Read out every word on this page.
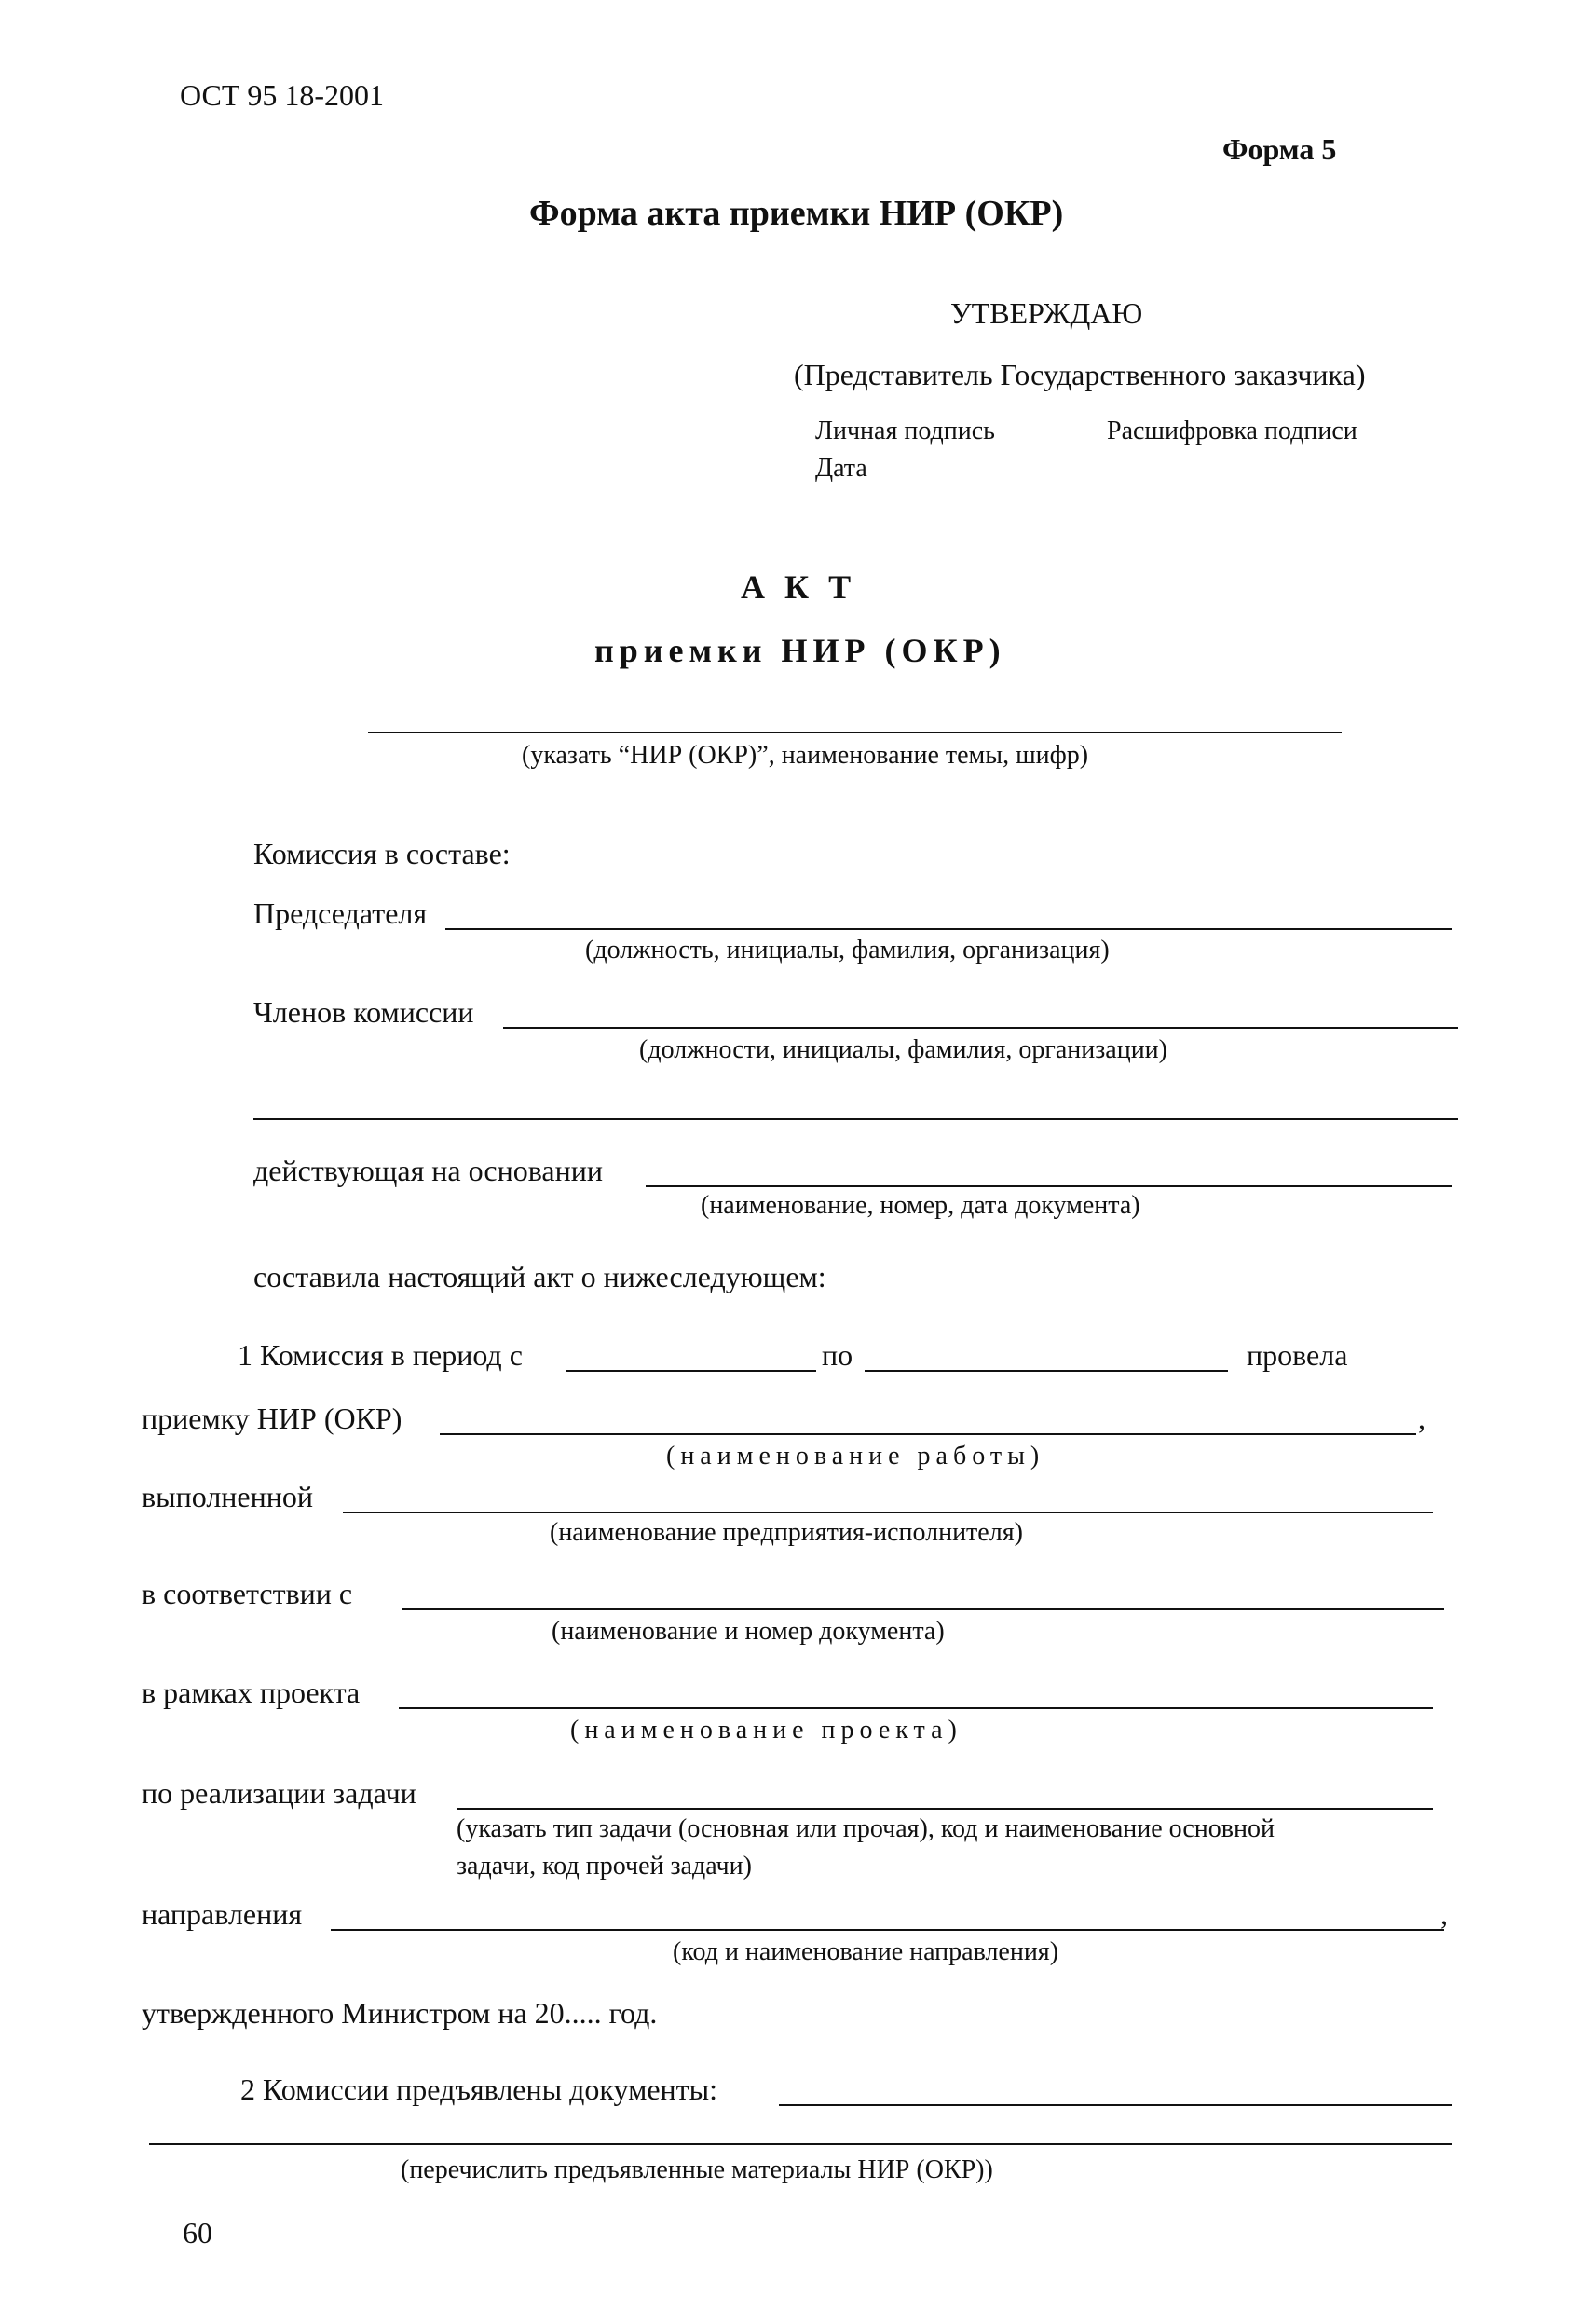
ОСТ 95 18-2001
Форма 5
Форма акта приемки НИР (ОКР)
УТВЕРЖДАЮ
(Представитель Государственного заказчика)
Личная подпись	Расшифровка подписи
Дата
А К Т
приемки НИР (ОКР)
(указать “НИР (ОКР)”, наименование темы, шифр)
Комиссия в составе:
Председателя
(должность, инициалы, фамилия, организация)
Членов комиссии
(должности, инициалы, фамилия, организации)
действующая на основании
(наименование, номер, дата документа)
составила настоящий акт о нижеследующем:
1 Комиссия в период с	по	провела
приемку НИР (ОКР)	,
(наименование работы)
выполненной
(наименование предприятия-исполнителя)
в соответствии с
(наименование и номер документа)
в рамках проекта
(наименование проекта)
по реализации задачи
(указать тип задачи (основная или прочая), код и наименование основной
задачи, код прочей задачи)
направления	,
(код и наименование направления)
утвержденного Министром на 20..... год.
2 Комиссии предъявлены документы:
(перечислить предъявленные материалы НИР (ОКР))
60
